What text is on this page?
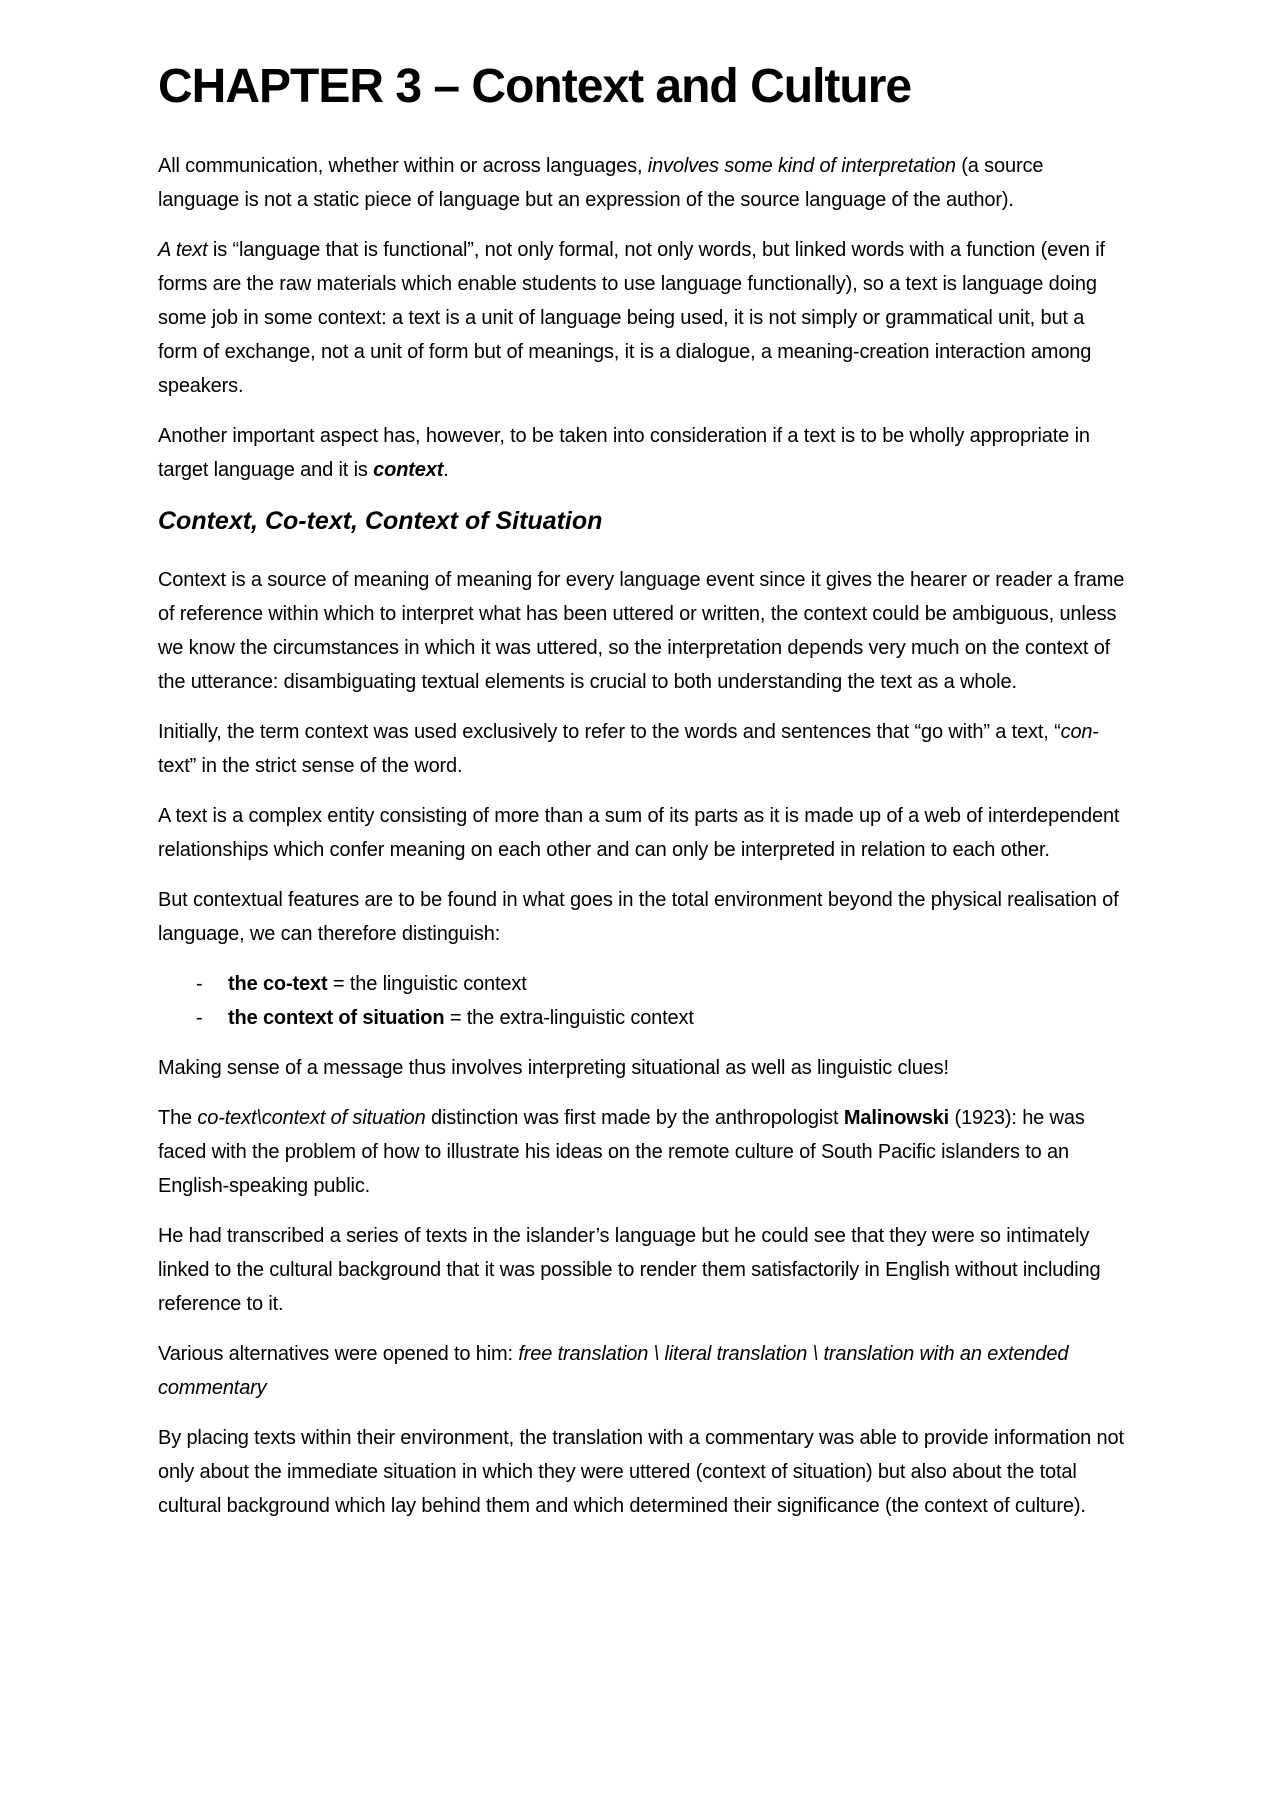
CHAPTER 3 – Context and Culture

All communication, whether within or across languages, involves some kind of interpretation (a source language is not a static piece of language but an expression of the source language of the author).

A text is “language that is functional”, not only formal, not only words, but linked words with a function (even if forms are the raw materials which enable students to use language functionally), so a text is language doing some job in some context: a text is a unit of language being used, it is not simply or grammatical unit, but a form of exchange, not a unit of form but of meanings, it is a dialogue, a meaning-creation interaction among speakers.

Another important aspect has, however, to be taken into consideration if a text is to be wholly appropriate in target language and it is context.

Context, Co-text, Context of Situation

Context is a source of meaning of meaning for every language event since it gives the hearer or reader a frame of reference within which to interpret what has been uttered or written, the context could be ambiguous, unless we know the circumstances in which it was uttered, so the interpretation depends very much on the context of the utterance: disambiguating textual elements is crucial to both understanding the text as a whole.

Initially, the term context was used exclusively to refer to the words and sentences that “go with” a text, “con-text” in the strict sense of the word.

A text is a complex entity consisting of more than a sum of its parts as it is made up of a web of interdependent relationships which confer meaning on each other and can only be interpreted in relation to each other.

But contextual features are to be found in what goes in the total environment beyond the physical realisation of language, we can therefore distinguish:

-	the co-text = the linguistic context
-	the context of situation = the extra-linguistic context

Making sense of a message thus involves interpreting situational as well as linguistic clues!

The co-text\context of situation distinction was first made by the anthropologist Malinowski (1923): he was faced with the problem of how to illustrate his ideas on the remote culture of South Pacific islanders to an English-speaking public.

He had transcribed a series of texts in the islander’s language but he could see that they were so intimately linked to the cultural background that it was possible to render them satisfactorily in English without including reference to it.

Various alternatives were opened to him: free translation \ literal translation \ translation with an extended commentary

By placing texts within their environment, the translation with a commentary was able to provide information not only about the immediate situation in which they were uttered (context of situation) but also about the total cultural background which lay behind them and which determined their significance (the context of culture).
